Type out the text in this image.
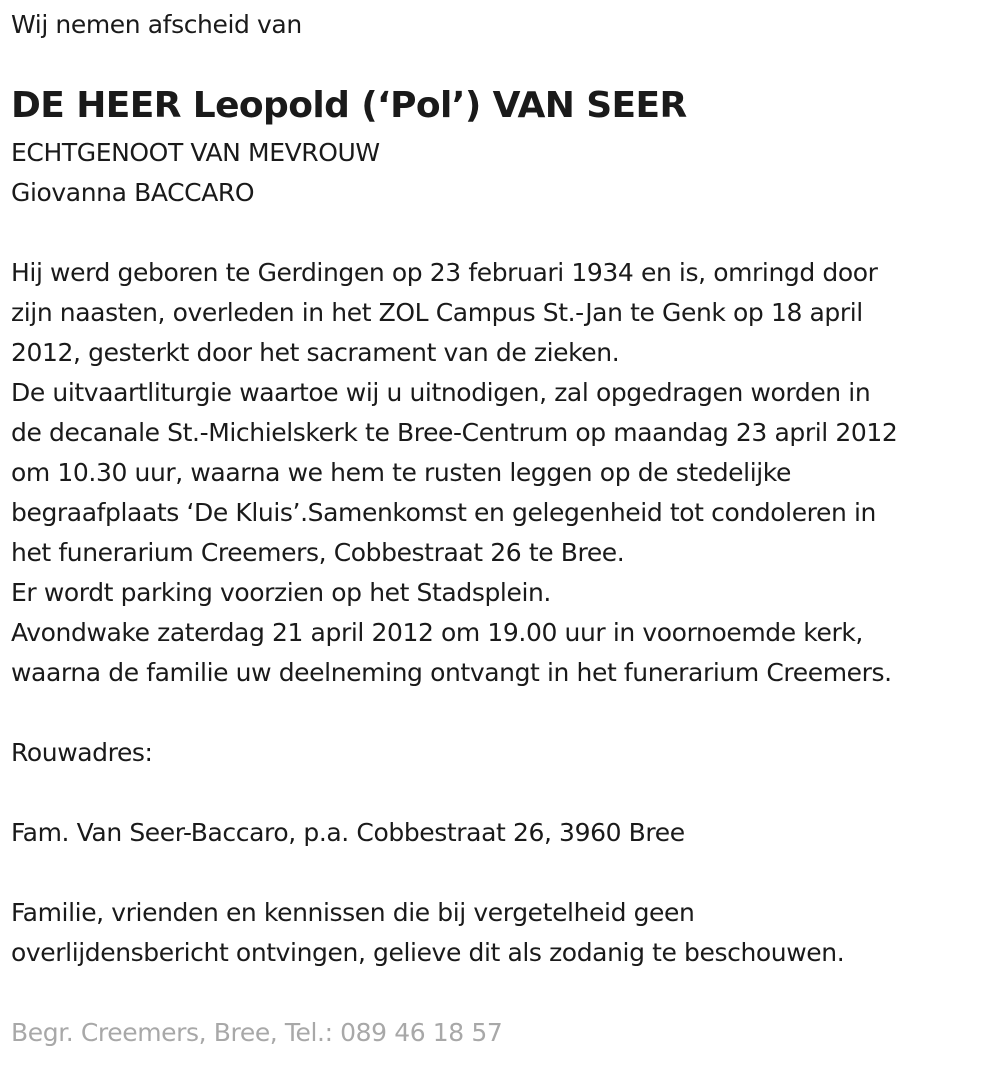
Wij nemen afscheid van
DE HEER Leopold (‘Pol’) VAN SEER
ECHTGENOOT VAN MEVROUW
Giovanna BACCARO
Hij werd geboren te Gerdingen op 23 februari 1934 en is, omringd door
zijn naasten, overleden in het ZOL Campus St.-Jan te Genk op 18 april
2012, gesterkt door het sacrament van de zieken.
De uitvaartliturgie waartoe wij u uitnodigen, zal opgedragen worden in
de decanale St.-Michielskerk te Bree-Centrum op maandag 23 april 2012
om 10.30 uur, waarna we hem te rusten leggen op de stedelijke
begraafplaats ‘De Kluis’.Samenkomst en gelegenheid tot condoleren in
het funerarium Creemers, Cobbestraat 26 te Bree.
Er wordt parking voorzien op het Stadsplein.
Avondwake zaterdag 21 april 2012 om 19.00 uur in voornoemde kerk,
waarna de familie uw deelneming ontvangt in het funerarium Creemers.
Rouwadres:
Fam. Van Seer-Baccaro, p.a. Cobbestraat 26, 3960 Bree
Familie, vrienden en kennissen die bij vergetelheid geen
overlijdensbericht ontvingen, gelieve dit als zodanig te beschouwen.
Begr. Creemers, Bree, Tel.: 089 46 18 57
